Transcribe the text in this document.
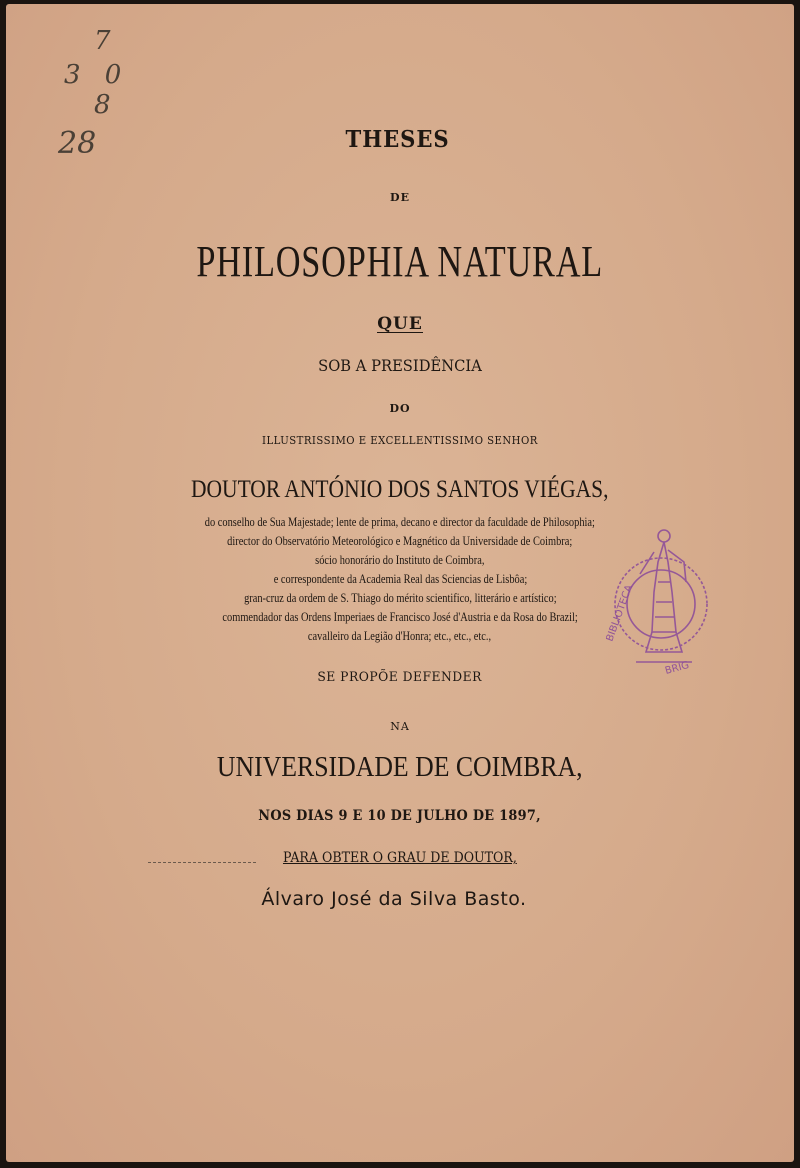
7
3 0
8
28	THESES
DE
PHILOSOPHIA NATURAL
QUE
SOB A PRESIDÊNCIA
DO
ILLUSTRISSIMO E EXCELLENTISSIMO SENHOR
DOUTOR ANTÓNIO DOS SANTOS VIÉGAS,
do conselho de Sua Majestade; lente de prima, decano e director da faculdade de Philosophia;
director do Observatório Meteorológico e Magnético da Universidade de Coimbra;
sócio honorário do Instituto de Coimbra,
e correspondente da Academia Real das Sciencias de Lisbôa;
gran-cruz da ordem de S. Thiago do mérito scientifico, litterário e artístico;
commendador das Ordens Imperiaes de Francisco José d'Austria e da Rosa do Brazil;
cavalleiro da Legião d'Honra; etc., etc., etc.,
SE PROPÕE DEFENDER
NA
UNIVERSIDADE DE COIMBRA,
NOS DIAS 9 E 10 DE JULHO DE 1897,
PARA OBTER O GRAU DE DOUTOR,
Álvaro José da Silva Basto.
BIBLIOTECA
BRIG
